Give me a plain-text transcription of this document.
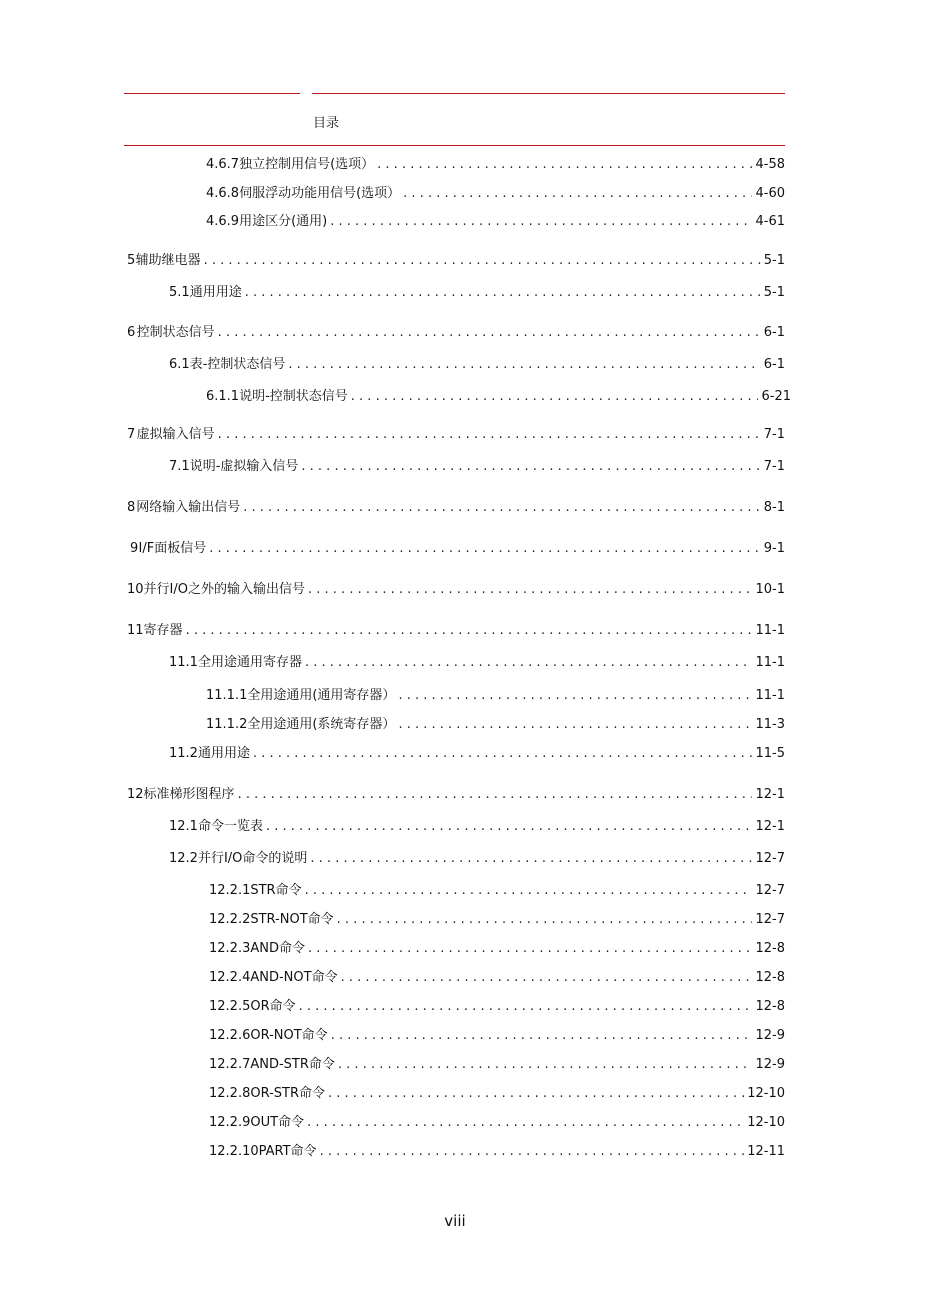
目录
4.6.7 独立控制用信号(选项） . . .	4-58
4.6.8 伺服浮动功能用信号(选项） . . .	4-60
4.6.9 用途区分(通用) . . .	4-61
5 辅助继电器 . . .	5-1
5.1 通用用途 . . .	5-1
6 控制状态信号 . . .	6-1
6.1 表-控制状态信号 . . .	6-1
6.1.1 说明-控制状态信号 . . .	6-21
7 虚拟输入信号 . . .	7-1
7.1 说明-虚拟输入信号 . . .	7-1
8 网络输入输出信号 . . .	8-1
9 I/F面板信号 . . .	9-1
10 并行I/O之外的输入输出信号 . . .	10-1
11 寄存器 . . .	11-1
11.1 全用途通用寄存器 . . .	11-1
11.1.1 全用途通用(通用寄存器） . . .	11-1
11.1.2 全用途通用(系统寄存器） . . .	11-3
11.2 通用用途 . . .	11-5
12 标准梯形图程序 . . .	12-1
12.1 命令一览表 . . .	12-1
12.2 并行I/O命令的说明 . . .	12-7
12.2.1 STR命令 . . .	12-7
12.2.2 STR-NOT命令 . . .	12-7
12.2.3 AND命令 . . .	12-8
12.2.4 AND-NOT命令 . . .	12-8
12.2.5 OR命令 . . .	12-8
12.2.6 OR-NOT命令 . . .	12-9
12.2.7 AND-STR命令 . . .	12-9
12.2.8 OR-STR命令 . . .	12-10
12.2.9 OUT命令 . . .	12-10
12.2.10 PART命令 . . .	12-11
viii
